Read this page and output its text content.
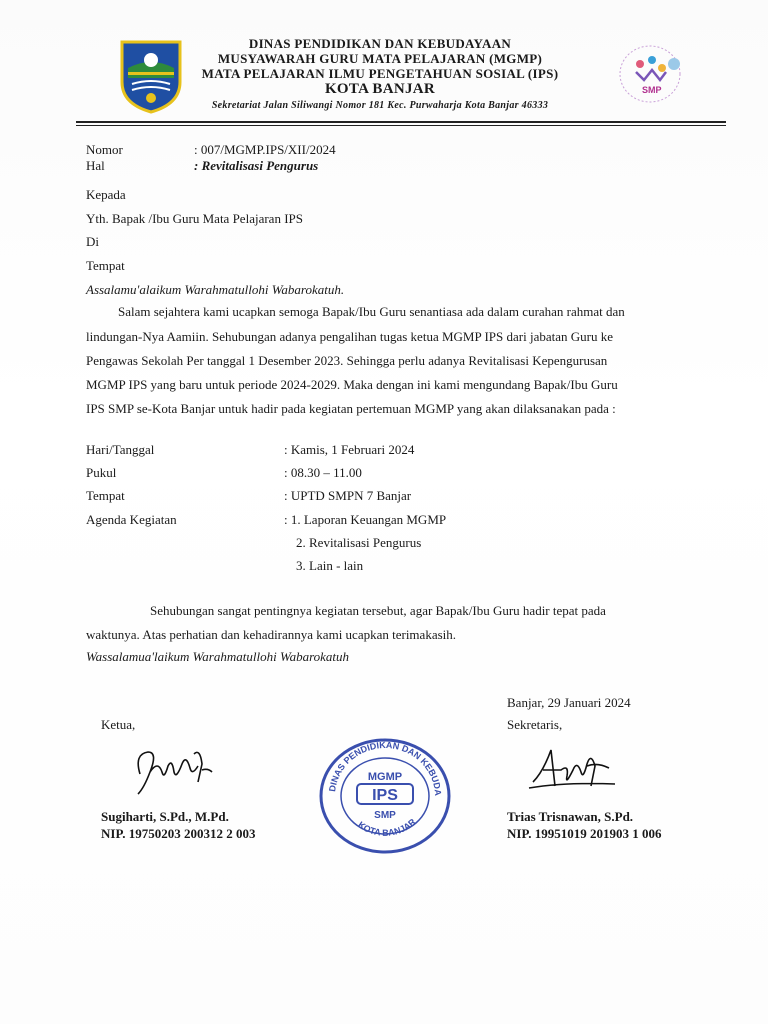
DINAS PENDIDIKAN DAN KEBUDAYAAN
MUSYAWARAH GURU MATA PELAJARAN (MGMP)
MATA PELAJARAN ILMU PENGETAHUAN SOSIAL (IPS)
KOTA BANJAR
Sekretariat Jalan Siliwangi Nomor 181 Kec. Purwaharja Kota Banjar 46333
SMP
Nomor	: 007/MGMP.IPS/XII/2024
Hal	: Revitalisasi Pengurus
Kepada
Yth. Bapak /Ibu Guru Mata Pelajaran IPS
Di
Tempat
Assalamu'alaikum Warahmatullohi Wabarokatuh.
Salam sejahtera kami ucapkan semoga Bapak/Ibu Guru senantiasa ada dalam curahan rahmat dan
lindungan-Nya Aamiin. Sehubungan adanya pengalihan tugas ketua MGMP IPS dari jabatan Guru ke
Pengawas Sekolah Per tanggal 1 Desember 2023. Sehingga perlu adanya Revitalisasi Kepengurusan
MGMP IPS yang baru untuk periode 2024-2029. Maka dengan ini kami mengundang Bapak/Ibu Guru
IPS SMP se-Kota Banjar untuk hadir pada kegiatan pertemuan MGMP yang akan dilaksanakan pada :
Hari/Tanggal	: Kamis, 1 Februari 2024
Pukul	: 08.30 – 11.00
Tempat	: UPTD SMPN 7 Banjar
Agenda Kegiatan	: 1. Laporan Keuangan MGMP
2. Revitalisasi Pengurus
3. Lain - lain
Sehubungan sangat pentingnya kegiatan tersebut, agar Bapak/Ibu Guru hadir tepat pada
waktunya. Atas perhatian dan kehadirannya kami ucapkan terimakasih.
Wassalamua'laikum Warahmatullohi Wabarokatuh
Banjar, 29 Januari 2024
Ketua,	Sekretaris,
DINAS PENDIDIKAN DAN KEBUDA
KOTA BANJAR
MGMP
IPS
SMP
Sugiharti, S.Pd., M.Pd.
NIP. 19750203 200312 2 003
Trias Trisnawan, S.Pd.
NIP. 19951019 201903 1 006
